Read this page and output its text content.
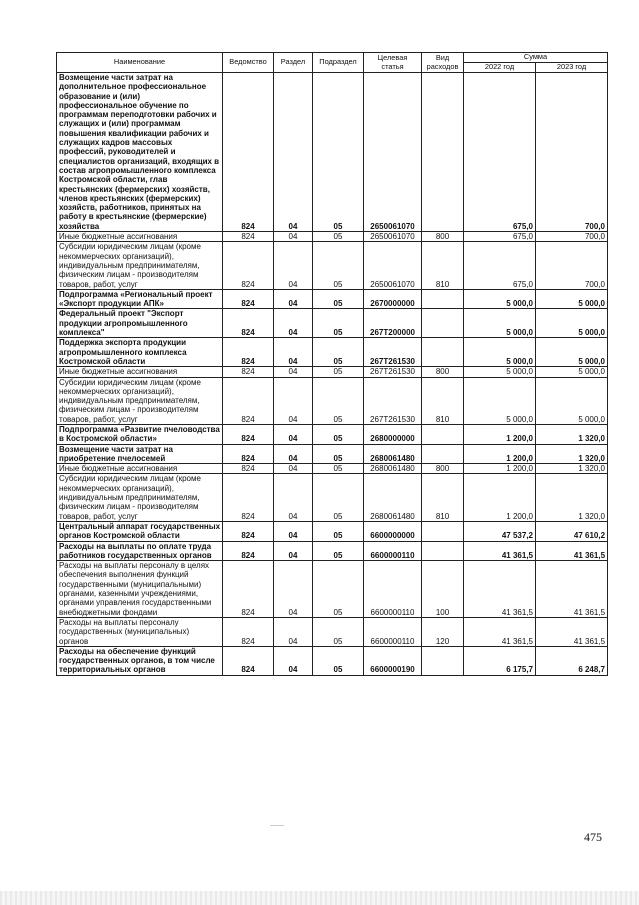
Наименование	Ведомство	Раздел	Подраздел	Целевая статья	Вид расходов	Сумма	
						2022 год	2023 год
Возмещение части затрат на дополнительное профессиональное образование и (или) профессиональное обучение по программам переподготовки рабочих и служащих и (или) программам повышения квалификации рабочих и служащих кадров массовых профессий, руководителей и специалистов организаций, входящих в состав агропромышленного комплекса Костромской области, глав крестьянских (фермерских) хозяйств, членов крестьянских (фермерских) хозяйств, работников, принятых на работу в крестьянские (фермерские) хозяйства	824	04	05	2650061070		675,0	700,0
Иные бюджетные ассигнования	824	04	05	2650061070	800	675,0	700,0
Субсидии юридическим лицам (кроме некоммерческих организаций), индивидуальным предпринимателям, физическим лицам - производителям товаров, работ, услуг	824	04	05	2650061070	810	675,0	700,0
Подпрограмма «Региональный проект «Экспорт продукции АПК»	824	04	05	2670000000		5 000,0	5 000,0
Федеральный проект "Экспорт продукции агропромышленного комплекса"	824	04	05	267T200000		5 000,0	5 000,0
Поддержка экспорта продукции агропромышленного комплекса Костромской области	824	04	05	267T261530		5 000,0	5 000,0
Иные бюджетные ассигнования	824	04	05	267T261530	800	5 000,0	5 000,0
Субсидии юридическим лицам (кроме некоммерческих организаций), индивидуальным предпринимателям, физическим лицам - производителям товаров, работ, услуг	824	04	05	267T261530	810	5 000,0	5 000,0
Подпрограмма «Развитие пчеловодства в Костромской области»	824	04	05	2680000000		1 200,0	1 320,0
Возмещение части затрат на приобретение пчелосемей	824	04	05	2680061480		1 200,0	1 320,0
Иные бюджетные ассигнования	824	04	05	2680061480	800	1 200,0	1 320,0
Субсидии юридическим лицам (кроме некоммерческих организаций), индивидуальным предпринимателям, физическим лицам - производителям товаров, работ, услуг	824	04	05	2680061480	810	1 200,0	1 320,0
Центральный аппарат государственных органов Костромской области	824	04	05	6600000000		47 537,2	47 610,2
Расходы на выплаты по оплате труда работников государственных органов	824	04	05	6600000110		41 361,5	41 361,5
Расходы на выплаты персоналу в целях обеспечения выполнения функций государственными (муниципальными) органами, казенными учреждениями, органами управления государственными внебюджетными фондами	824	04	05	6600000110	100	41 361,5	41 361,5
Расходы на выплаты персоналу государственных (муниципальных) органов	824	04	05	6600000110	120	41 361,5	41 361,5
Расходы на обеспечение функций государственных органов, в том числе территориальных органов	824	04	05	6600000190		6 175,7	6 248,7
475
